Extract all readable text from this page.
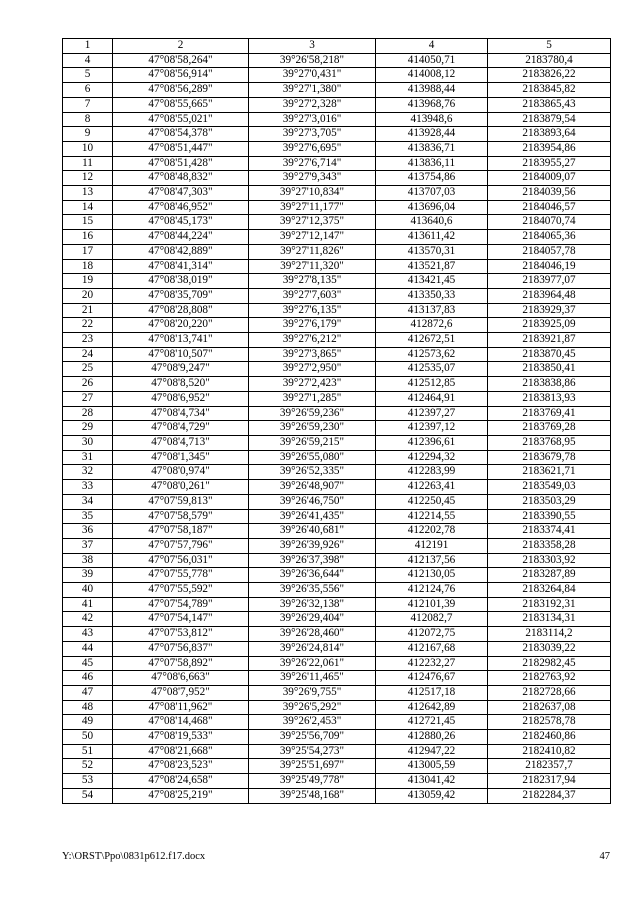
1	2	3	4	5
4	47°08'58,264"	39°26'58,218"	414050,71	2183780,4
5	47°08'56,914"	39°27'0,431"	414008,12	2183826,22
6	47°08'56,289"	39°27'1,380"	413988,44	2183845,82
7	47°08'55,665"	39°27'2,328"	413968,76	2183865,43
8	47°08'55,021"	39°27'3,016"	413948,6	2183879,54
9	47°08'54,378"	39°27'3,705"	413928,44	2183893,64
10	47°08'51,447"	39°27'6,695"	413836,71	2183954,86
11	47°08'51,428"	39°27'6,714"	413836,11	2183955,27
12	47°08'48,832"	39°27'9,343"	413754,86	2184009,07
13	47°08'47,303"	39°27'10,834"	413707,03	2184039,56
14	47°08'46,952"	39°27'11,177"	413696,04	2184046,57
15	47°08'45,173"	39°27'12,375"	413640,6	2184070,74
16	47°08'44,224"	39°27'12,147"	413611,42	2184065,36
17	47°08'42,889"	39°27'11,826"	413570,31	2184057,78
18	47°08'41,314"	39°27'11,320"	413521,87	2184046,19
19	47°08'38,019"	39°27'8,135"	413421,45	2183977,07
20	47°08'35,709"	39°27'7,603"	413350,33	2183964,48
21	47°08'28,808"	39°27'6,135"	413137,83	2183929,37
22	47°08'20,220"	39°27'6,179"	412872,6	2183925,09
23	47°08'13,741"	39°27'6,212"	412672,51	2183921,87
24	47°08'10,507"	39°27'3,865"	412573,62	2183870,45
25	47°08'9,247"	39°27'2,950"	412535,07	2183850,41
26	47°08'8,520"	39°27'2,423"	412512,85	2183838,86
27	47°08'6,952"	39°27'1,285"	412464,91	2183813,93
28	47°08'4,734"	39°26'59,236"	412397,27	2183769,41
29	47°08'4,729"	39°26'59,230"	412397,12	2183769,28
30	47°08'4,713"	39°26'59,215"	412396,61	2183768,95
31	47°08'1,345"	39°26'55,080"	412294,32	2183679,78
32	47°08'0,974"	39°26'52,335"	412283,99	2183621,71
33	47°08'0,261"	39°26'48,907"	412263,41	2183549,03
34	47°07'59,813"	39°26'46,750"	412250,45	2183503,29
35	47°07'58,579"	39°26'41,435"	412214,55	2183390,55
36	47°07'58,187"	39°26'40,681"	412202,78	2183374,41
37	47°07'57,796"	39°26'39,926"	412191	2183358,28
38	47°07'56,031"	39°26'37,398"	412137,56	2183303,92
39	47°07'55,778"	39°26'36,644"	412130,05	2183287,89
40	47°07'55,592"	39°26'35,556"	412124,76	2183264,84
41	47°07'54,789"	39°26'32,138"	412101,39	2183192,31
42	47°07'54,147"	39°26'29,404"	412082,7	2183134,31
43	47°07'53,812"	39°26'28,460"	412072,75	2183114,2
44	47°07'56,837"	39°26'24,814"	412167,68	2183039,22
45	47°07'58,892"	39°26'22,061"	412232,27	2182982,45
46	47°08'6,663"	39°26'11,465"	412476,67	2182763,92
47	47°08'7,952"	39°26'9,755"	412517,18	2182728,66
48	47°08'11,962"	39°26'5,292"	412642,89	2182637,08
49	47°08'14,468"	39°26'2,453"	412721,45	2182578,78
50	47°08'19,533"	39°25'56,709"	412880,26	2182460,86
51	47°08'21,668"	39°25'54,273"	412947,22	2182410,82
52	47°08'23,523"	39°25'51,697"	413005,59	2182357,7
53	47°08'24,658"	39°25'49,778"	413041,42	2182317,94
54	47°08'25,219"	39°25'48,168"	413059,42	2182284,37
Y:\ORST\Ppo\0831p612.f17.docx	47
